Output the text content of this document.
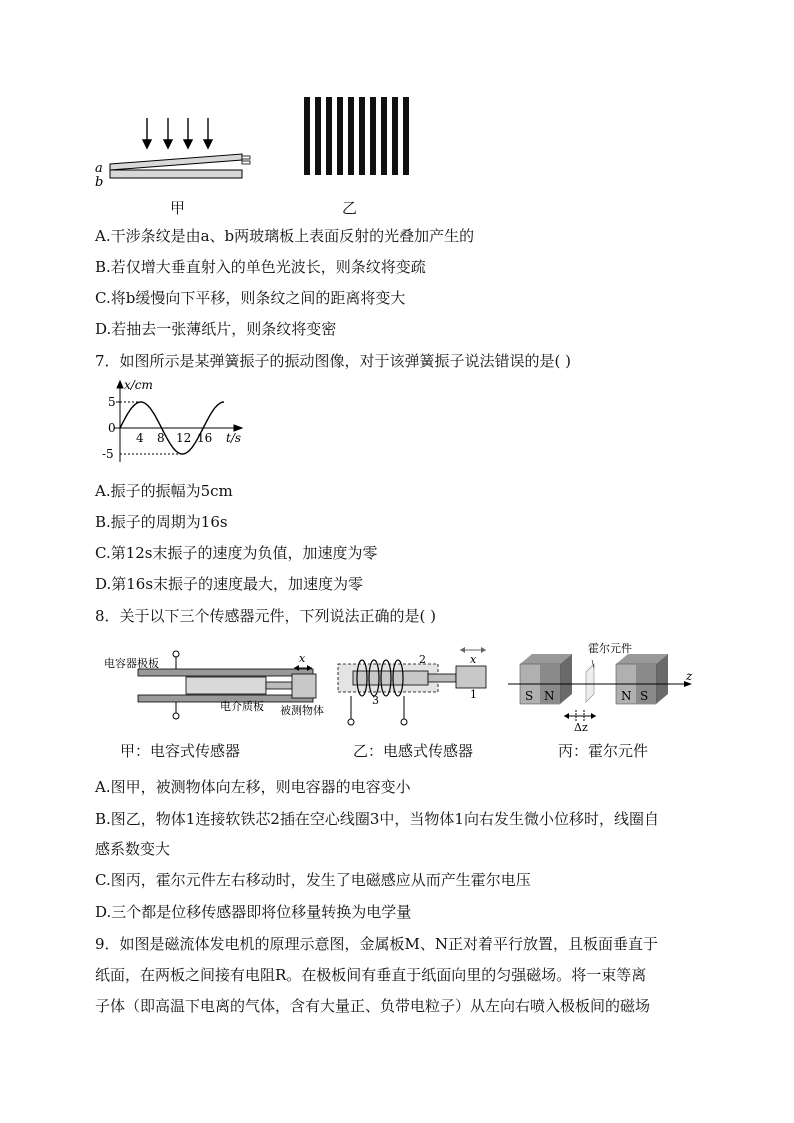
a
b
甲	乙
A.干涉条纹是由a、b两玻璃板上表面反射的光叠加产生的
B.若仅增大垂直射入的单色光波长，则条纹将变疏
C.将b缓慢向下平移，则条纹之间的距离将变大
D.若抽去一张薄纸片，则条纹将变密
7．如图所示是某弹簧振子的振动图像，对于该弹簧振子说法错误的是( )
x/cm
t/s
5
0
-5
4 8 12 16
A.振子的振幅为5cm
B.振子的周期为16s
C.第12s末振子的速度为负值，加速度为零
D.第16s末振子的速度最大，加速度为零
8．关于以下三个传感器元件，下列说法正确的是( )
电容器极板
电介质板 被测物体
x	2
1
3
x
霍尔元件
S N	N S
z
Δz
甲：电容式传感器	乙：电感式传感器	丙：霍尔元件
A.图甲，被测物体向左移，则电容器的电容变小
B.图乙，物体1连接软铁芯2插在空心线圈3中，当物体1向右发生微小位移时，线圈自
感系数变大
C.图丙，霍尔元件左右移动时，发生了电磁感应从而产生霍尔电压
D.三个都是位移传感器即将位移量转换为电学量
9．如图是磁流体发电机的原理示意图，金属板M、N正对着平行放置，且板面垂直于
纸面，在两板之间接有电阻R。在极板间有垂直于纸面向里的匀强磁场。将一束等离
子体（即高温下电离的气体，含有大量正、负带电粒子）从左向右喷入极板间的磁场
